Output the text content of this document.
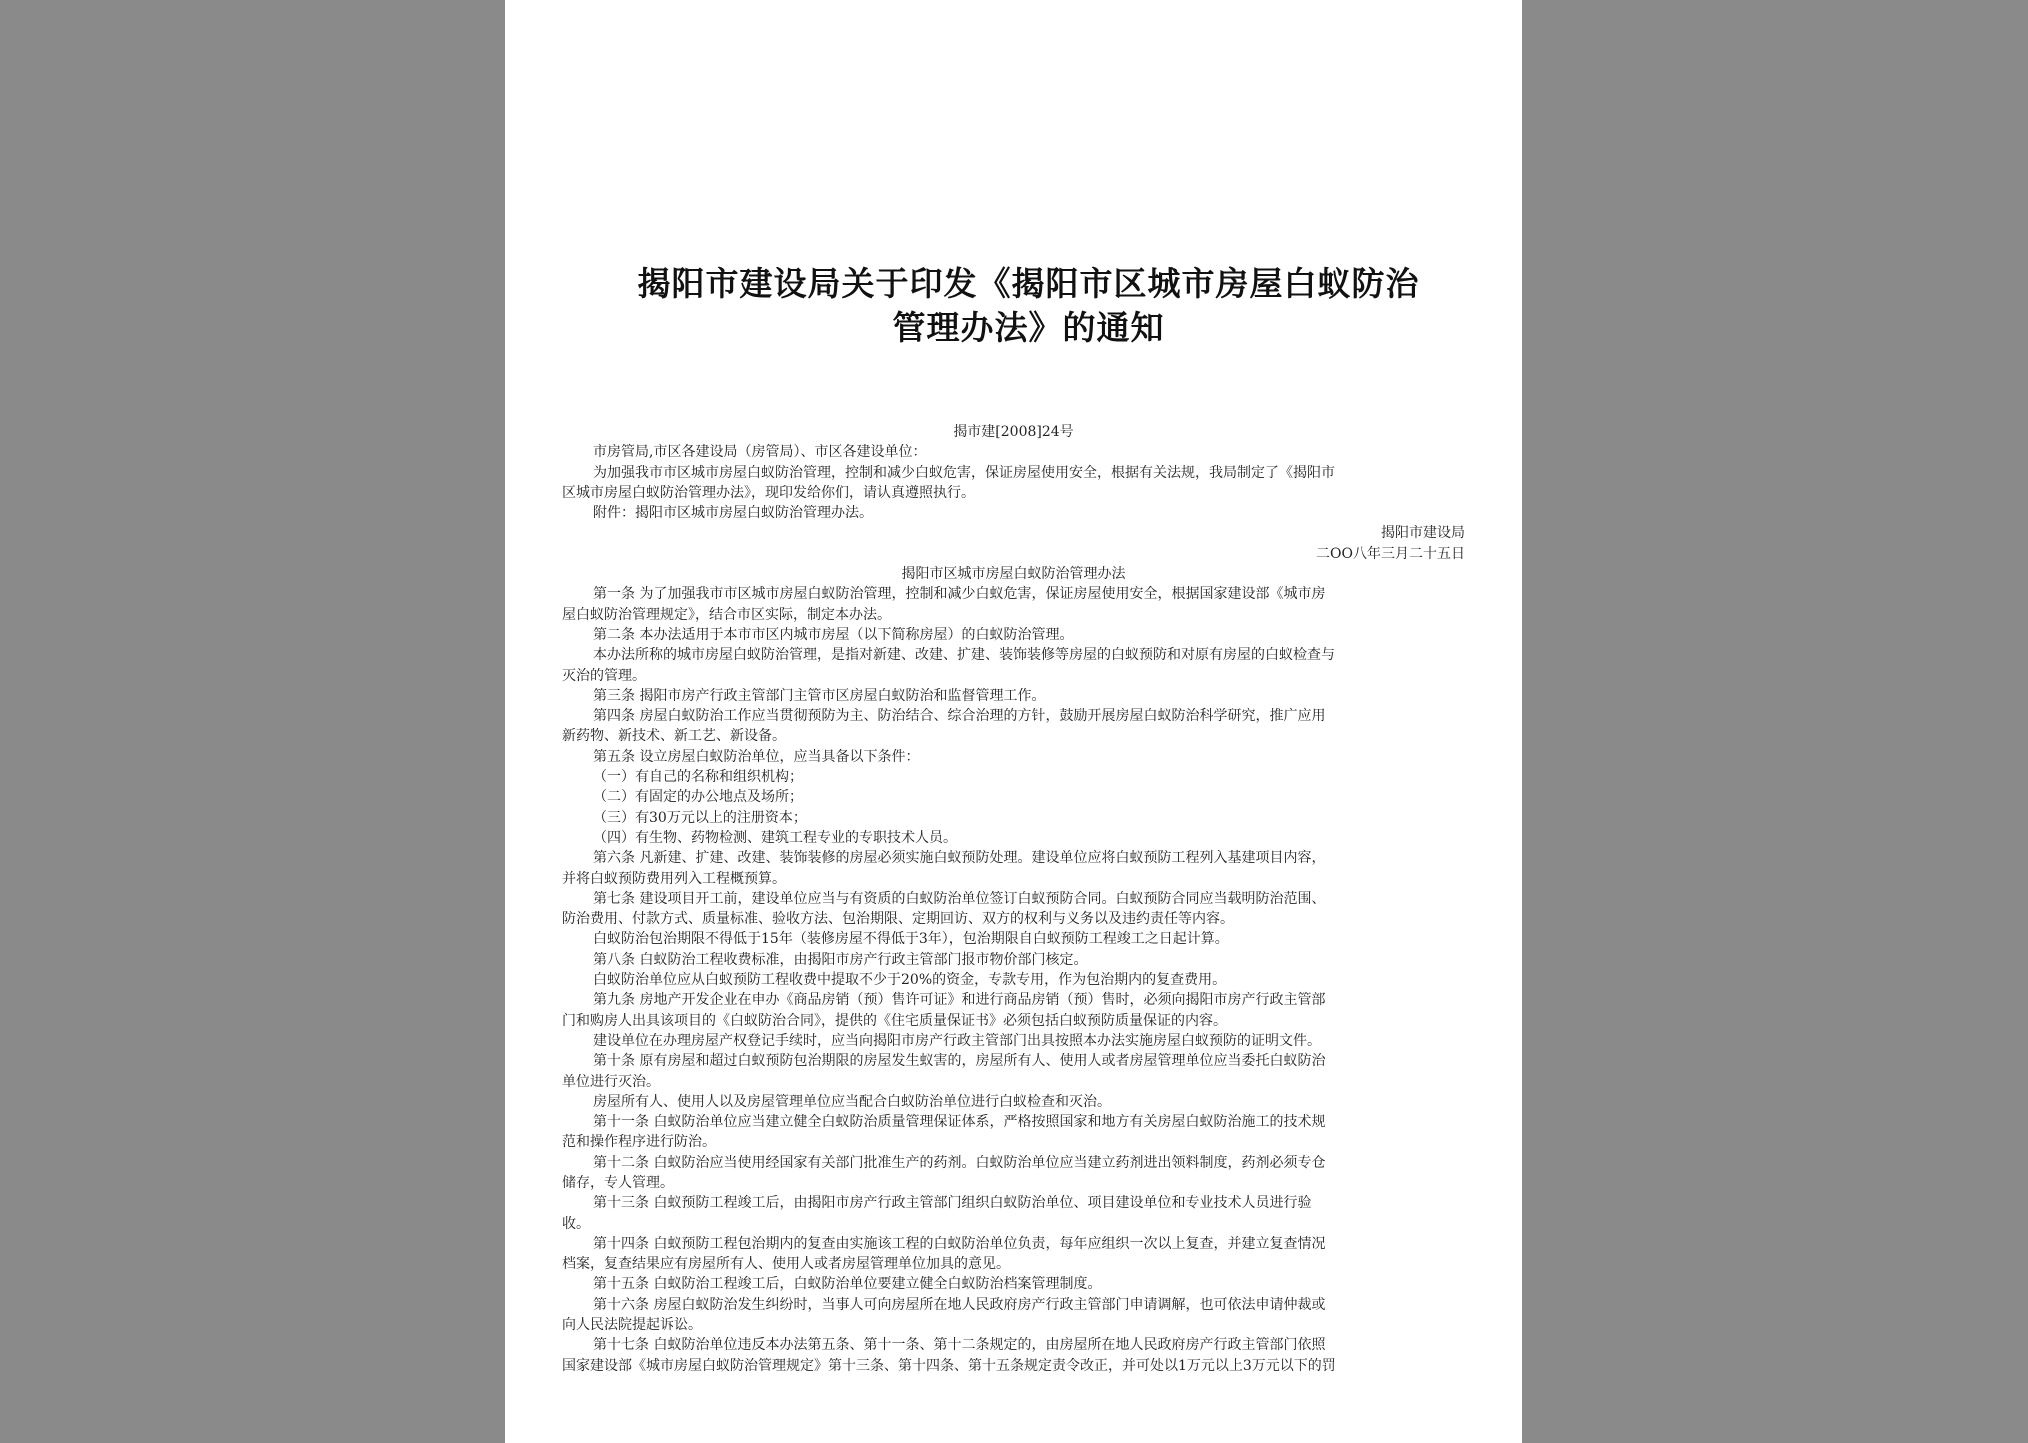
揭阳市建设局关于印发《揭阳市区城市房屋白蚁防治
管理办法》的通知
揭市建[2008]24号
市房管局,市区各建设局（房管局）、市区各建设单位：
为加强我市市区城市房屋白蚁防治管理，控制和减少白蚁危害，保证房屋使用安全，根据有关法规，我局制定了《揭阳市
区城市房屋白蚁防治管理办法》，现印发给你们，请认真遵照执行。
附件：揭阳市区城市房屋白蚁防治管理办法。
揭阳市建设局
二OO八年三月二十五日
揭阳市区城市房屋白蚁防治管理办法
第一条 为了加强我市市区城市房屋白蚁防治管理，控制和减少白蚁危害，保证房屋使用安全，根据国家建设部《城市房
屋白蚁防治管理规定》，结合市区实际，制定本办法。
第二条 本办法适用于本市市区内城市房屋（以下简称房屋）的白蚁防治管理。
本办法所称的城市房屋白蚁防治管理，是指对新建、改建、扩建、装饰装修等房屋的白蚁预防和对原有房屋的白蚁检查与
灭治的管理。
第三条 揭阳市房产行政主管部门主管市区房屋白蚁防治和监督管理工作。
第四条 房屋白蚁防治工作应当贯彻预防为主、防治结合、综合治理的方针，鼓励开展房屋白蚁防治科学研究，推广应用
新药物、新技术、新工艺、新设备。
第五条 设立房屋白蚁防治单位，应当具备以下条件：
（一）有自己的名称和组织机构；
（二）有固定的办公地点及场所；
（三）有30万元以上的注册资本；
（四）有生物、药物检测、建筑工程专业的专职技术人员。
第六条 凡新建、扩建、改建、装饰装修的房屋必须实施白蚁预防处理。建设单位应将白蚁预防工程列入基建项目内容，
并将白蚁预防费用列入工程概预算。
第七条 建设项目开工前，建设单位应当与有资质的白蚁防治单位签订白蚁预防合同。白蚁预防合同应当载明防治范围、
防治费用、付款方式、质量标准、验收方法、包治期限、定期回访、双方的权利与义务以及违约责任等内容。
白蚁防治包治期限不得低于15年（装修房屋不得低于3年），包治期限自白蚁预防工程竣工之日起计算。
第八条 白蚁防治工程收费标准，由揭阳市房产行政主管部门报市物价部门核定。
白蚁防治单位应从白蚁预防工程收费中提取不少于20%的资金，专款专用，作为包治期内的复查费用。
第九条 房地产开发企业在申办《商品房销（预）售许可证》和进行商品房销（预）售时，必须向揭阳市房产行政主管部
门和购房人出具该项目的《白蚁防治合同》，提供的《住宅质量保证书》必须包括白蚁预防质量保证的内容。
建设单位在办理房屋产权登记手续时，应当向揭阳市房产行政主管部门出具按照本办法实施房屋白蚁预防的证明文件。
第十条 原有房屋和超过白蚁预防包治期限的房屋发生蚁害的，房屋所有人、使用人或者房屋管理单位应当委托白蚁防治
单位进行灭治。
房屋所有人、使用人以及房屋管理单位应当配合白蚁防治单位进行白蚁检查和灭治。
第十一条 白蚁防治单位应当建立健全白蚁防治质量管理保证体系，严格按照国家和地方有关房屋白蚁防治施工的技术规
范和操作程序进行防治。
第十二条 白蚁防治应当使用经国家有关部门批准生产的药剂。白蚁防治单位应当建立药剂进出领料制度，药剂必须专仓
储存，专人管理。
第十三条 白蚁预防工程竣工后，由揭阳市房产行政主管部门组织白蚁防治单位、项目建设单位和专业技术人员进行验
收。
第十四条 白蚁预防工程包治期内的复查由实施该工程的白蚁防治单位负责，每年应组织一次以上复查，并建立复查情况
档案，复查结果应有房屋所有人、使用人或者房屋管理单位加具的意见。
第十五条 白蚁防治工程竣工后，白蚁防治单位要建立健全白蚁防治档案管理制度。
第十六条 房屋白蚁防治发生纠纷时，当事人可向房屋所在地人民政府房产行政主管部门申请调解，也可依法申请仲裁或
向人民法院提起诉讼。
第十七条 白蚁防治单位违反本办法第五条、第十一条、第十二条规定的，由房屋所在地人民政府房产行政主管部门依照
国家建设部《城市房屋白蚁防治管理规定》第十三条、第十四条、第十五条规定责令改正，并可处以1万元以上3万元以下的罚
